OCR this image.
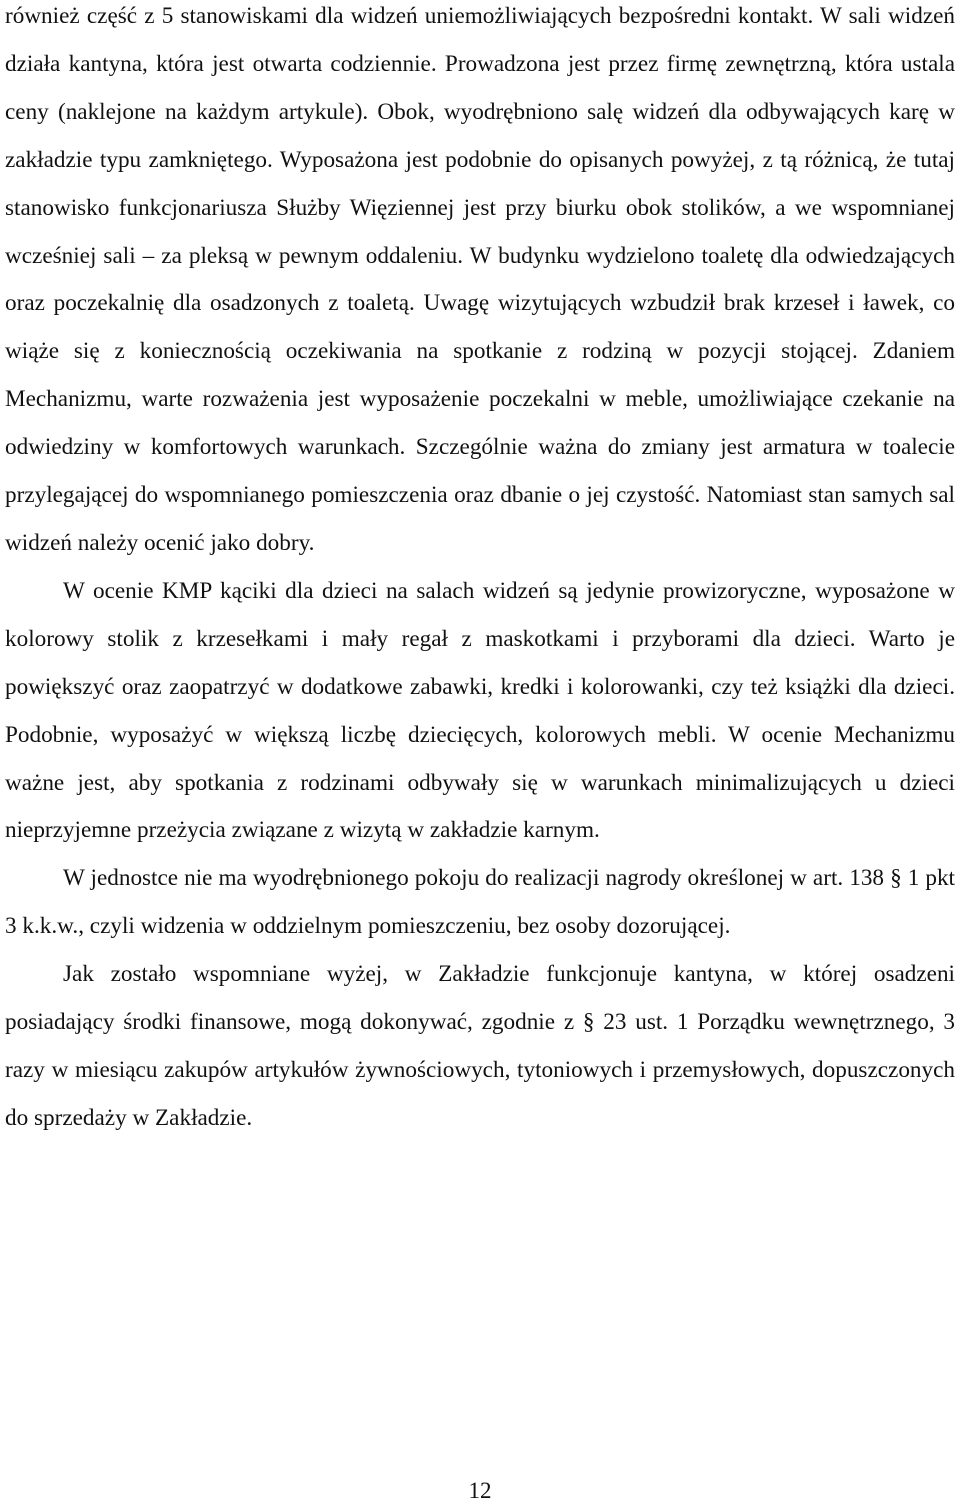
również część z 5 stanowiskami dla widzeń uniemożliwiających bezpośredni kontakt. W sali widzeń działa kantyna, która jest otwarta codziennie. Prowadzona jest przez firmę zewnętrzną, która ustala ceny (naklejone na każdym artykule). Obok, wyodrębniono salę widzeń dla odbywających karę w zakładzie typu zamkniętego. Wyposażona jest podobnie do opisanych powyżej, z tą różnicą, że tutaj stanowisko funkcjonariusza Służby Więziennej jest przy biurku obok stolików, a we wspomnianej wcześniej sali – za pleksą w pewnym oddaleniu. W budynku wydzielono toaletę dla odwiedzających oraz poczekalnię dla osadzonych z toaletą. Uwagę wizytujących wzbudził brak krzeseł i ławek, co wiąże się z koniecznością oczekiwania na spotkanie z rodziną w pozycji stojącej. Zdaniem Mechanizmu, warte rozważenia jest wyposażenie poczekalni w meble, umożliwiające czekanie na odwiedziny w komfortowych warunkach. Szczególnie ważna do zmiany jest armatura w toalecie przylegającej do wspomnianego pomieszczenia oraz dbanie o jej czystość. Natomiast stan samych sal widzeń należy ocenić jako dobry.

W ocenie KMP kąciki dla dzieci na salach widzeń są jedynie prowizoryczne, wyposażone w kolorowy stolik z krzesełkami i mały regał z maskotkami i przyborami dla dzieci. Warto je powiększyć oraz zaopatrzyć w dodatkowe zabawki, kredki i kolorowanki, czy też książki dla dzieci. Podobnie, wyposażyć w większą liczbę dziecięcych, kolorowych mebli. W ocenie Mechanizmu ważne jest, aby spotkania z rodzinami odbywały się w warunkach minimalizujących u dzieci nieprzyjemne przeżycia związane z wizytą w zakładzie karnym.

W jednostce nie ma wyodrębnionego pokoju do realizacji nagrody określonej w art. 138 § 1 pkt 3 k.k.w., czyli widzenia w oddzielnym pomieszczeniu, bez osoby dozorującej.

Jak zostało wspomniane wyżej, w Zakładzie funkcjonuje kantyna, w której osadzeni posiadający środki finansowe, mogą dokonywać, zgodnie z § 23 ust. 1 Porządku wewnętrznego, 3 razy w miesiącu zakupów artykułów żywnościowych, tytoniowych i przemysłowych, dopuszczonych do sprzedaży w Zakładzie.

12
